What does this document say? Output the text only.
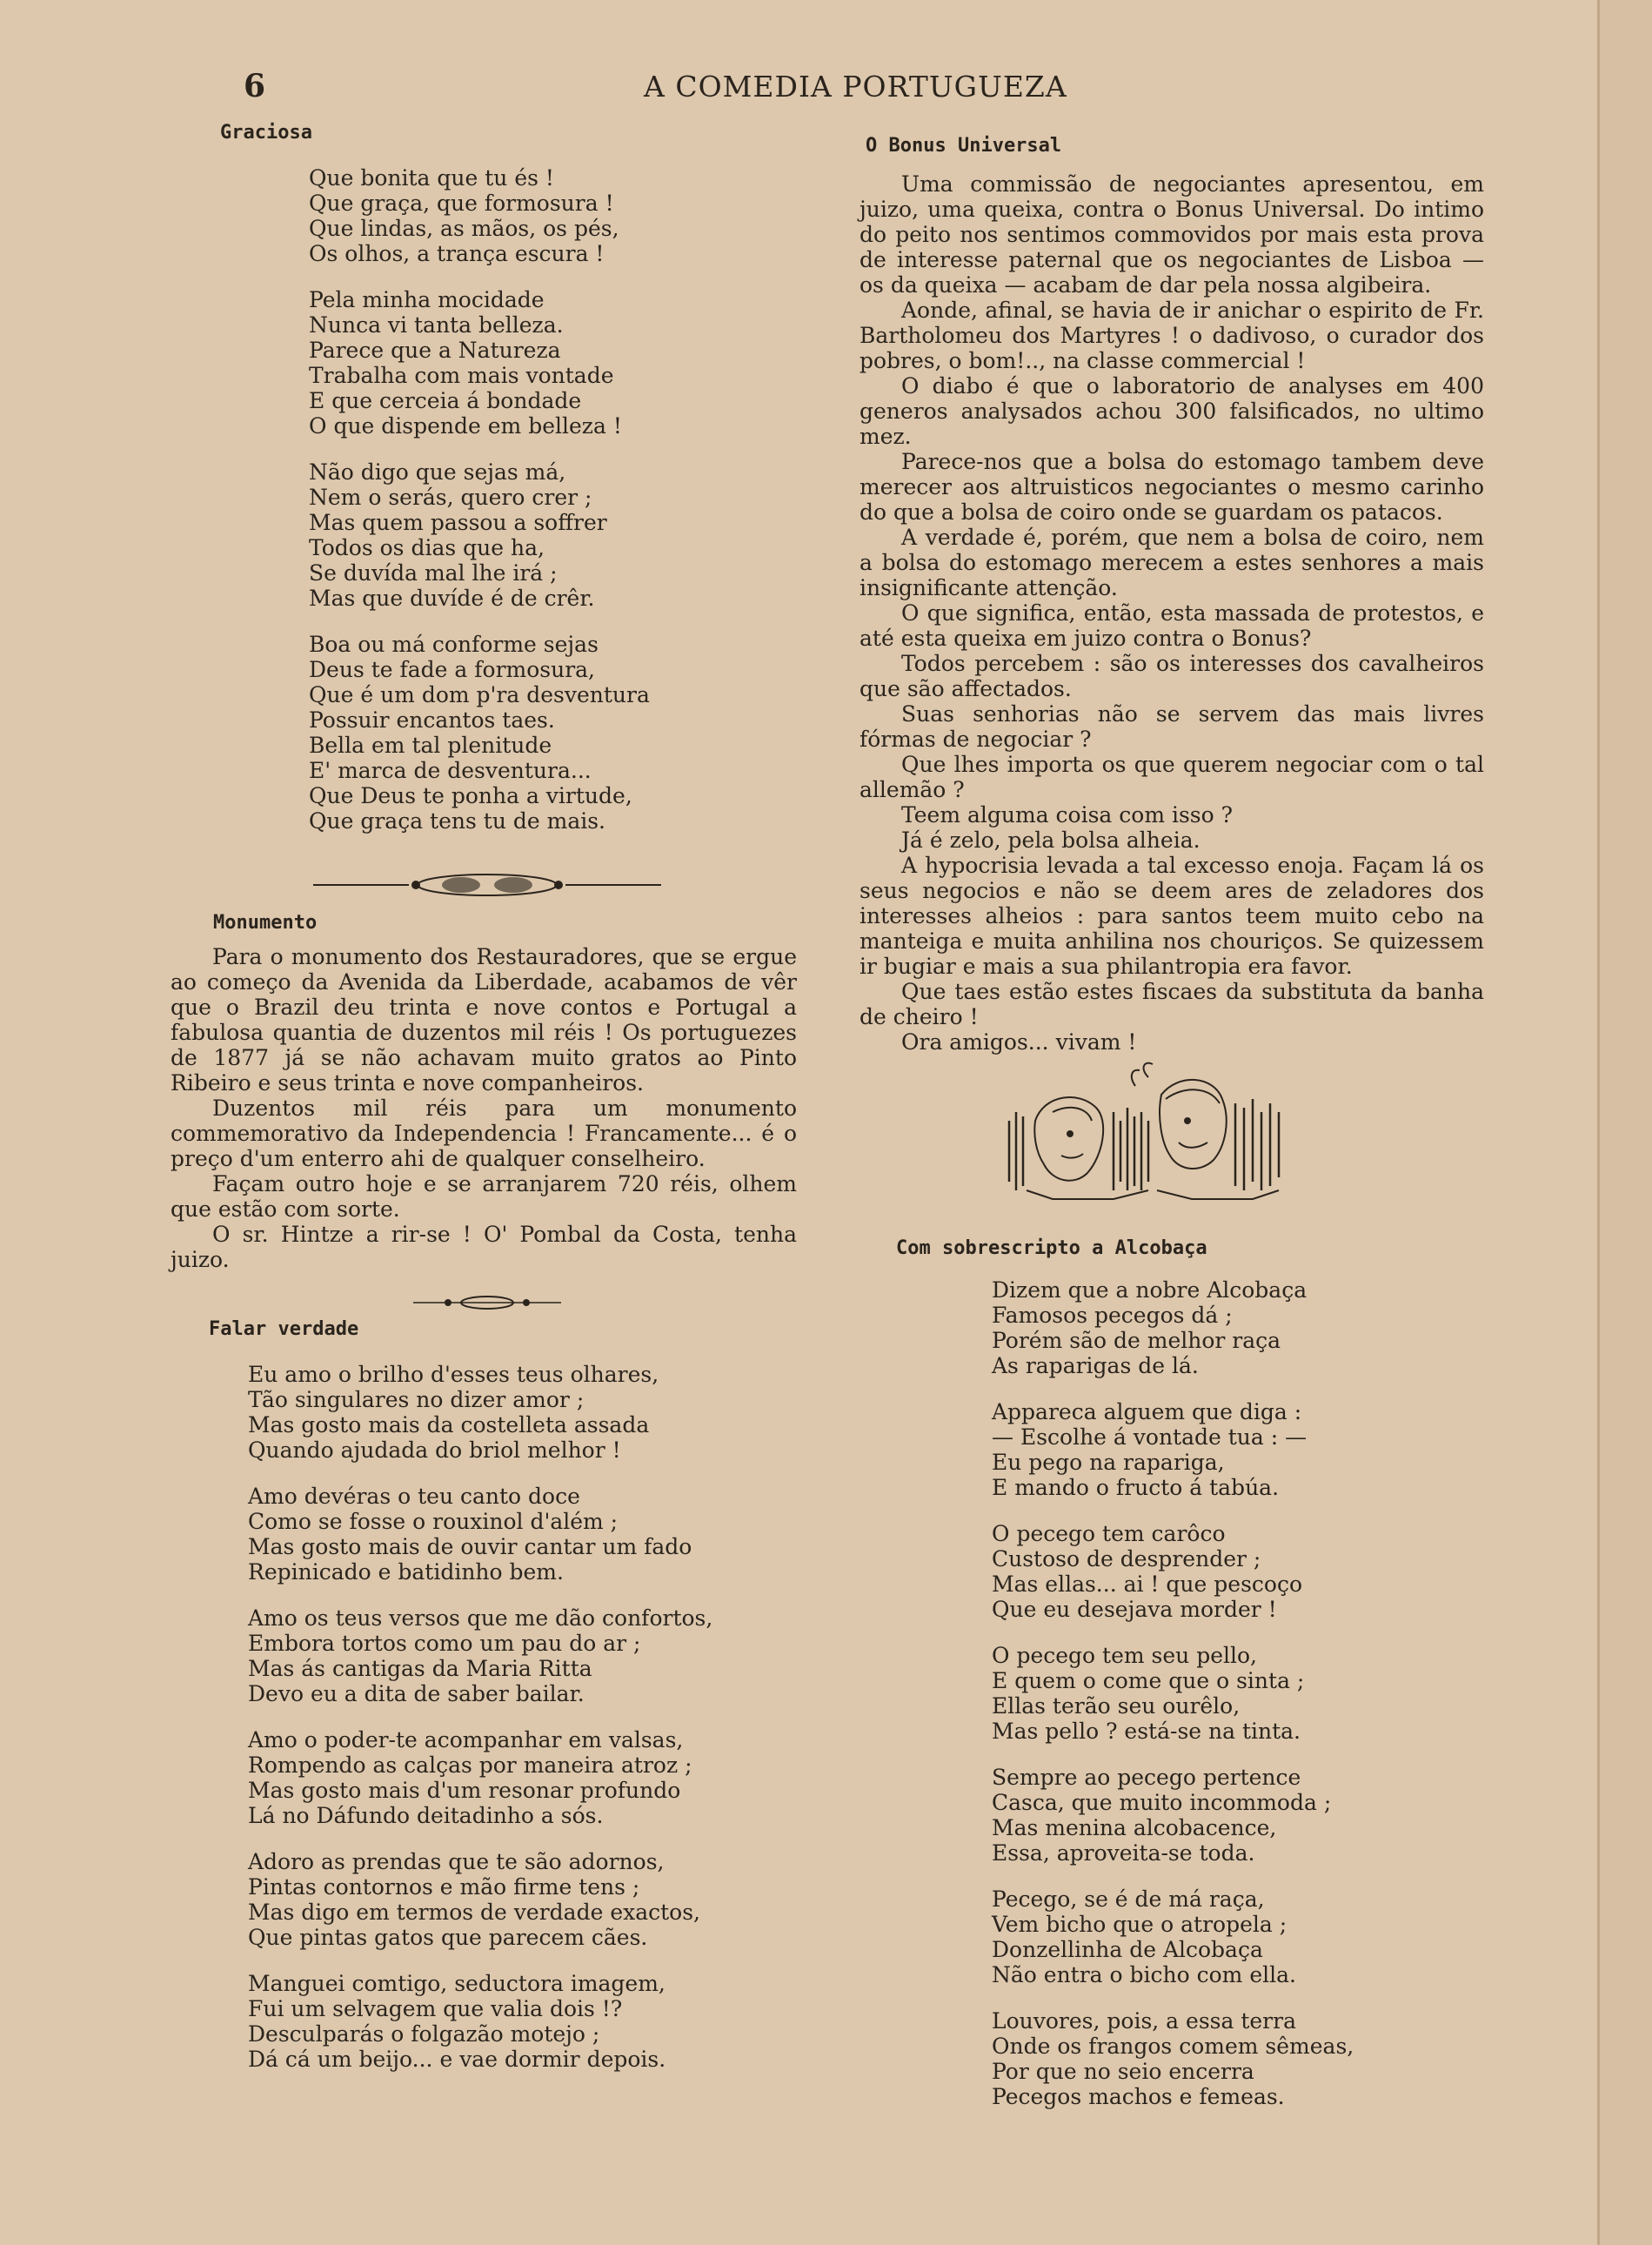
6	A COMEDIA PORTUGUEZA
Graciosa

Que bonita que tu és !

Que graça, que formosura !

Que lindas, as mãos, os pés,

Os olhos, a trança escura !

Pela minha mocidade

Nunca vi tanta belleza.

Parece que a Natureza

Trabalha com mais vontade

E que cerceia á bondade

O que dispende em belleza !

Não digo que sejas má,

Nem o serás, quero crer ;

Mas quem passou a soffrer

Todos os dias que ha,

Se duvída mal lhe irá ;

Mas que duvíde é de crêr.

Boa ou má conforme sejas

Deus te fade a formosura,

Que é um dom p'ra desventura

Possuir encantos taes.

Bella em tal plenitude

E' marca de desventura...

Que Deus te ponha a virtude,

Que graça tens tu de mais.

Monumento

Para o monumento dos Restauradores, que se ergue ao começo da Avenida da Liberdade, acabamos de vêr que o Brazil deu trinta e nove contos e Portugal a fabulosa quantia de duzentos mil réis ! Os portuguezes de 1877 já se não achavam muito gratos ao Pinto Ribeiro e seus trinta e nove companheiros.

Duzentos mil réis para um monumento commemorativo da Independencia ! Francamente... é o preço d'um enterro ahi de qualquer conselheiro.

Façam outro hoje e se arranjarem 720 réis, olhem que estão com sorte.

O sr. Hintze a rir-se ! O' Pombal da Costa, tenha juizo.

Falar verdade

Eu amo o brilho d'esses teus olhares,

Tão singulares no dizer amor ;

Mas gosto mais da costelleta assada

Quando ajudada do briol melhor !

Amo devéras o teu canto doce

Como se fosse o rouxinol d'além ;

Mas gosto mais de ouvir cantar um fado

Repinicado e batidinho bem.

Amo os teus versos que me dão confortos,

Embora tortos como um pau do ar ;

Mas ás cantigas da Maria Ritta

Devo eu a dita de saber bailar.

Amo o poder-te acompanhar em valsas,

Rompendo as calças por maneira atroz ;

Mas gosto mais d'um resonar profundo

Lá no Dáfundo deitadinho a sós.

Adoro as prendas que te são adornos,

Pintas contornos e mão firme tens ;

Mas digo em termos de verdade exactos,

Que pintas gatos que parecem cães.

Manguei comtigo, seductora imagem,

Fui um selvagem que valia dois !?

Desculparás o folgazão motejo ;

Dá cá um beijo... e vae dormir depois.

O Bonus Universal

Uma commissão de negociantes apresentou, em juizo, uma queixa, contra o Bonus Universal. Do intimo do peito nos sentimos commovidos por mais esta prova de interesse paternal que os negociantes de Lisboa — os da queixa — acabam de dar pela nossa algibeira.

Aonde, afinal, se havia de ir anichar o espirito de Fr. Bartholomeu dos Martyres ! o dadivoso, o curador dos pobres, o bom!.., na classe commercial !

O diabo é que o laboratorio de analyses em 400 generos analysados achou 300 falsificados, no ultimo mez.

Parece-nos que a bolsa do estomago tambem deve merecer aos altruisticos negociantes o mesmo carinho do que a bolsa de coiro onde se guardam os patacos.

A verdade é, porém, que nem a bolsa de coiro, nem a bolsa do estomago merecem a estes senhores a mais insignificante attenção.

O que significa, então, esta massada de protestos, e até esta queixa em juizo contra o Bonus?

Todos percebem : são os interesses dos cavalheiros que são affectados.

Suas senhorias não se servem das mais livres fórmas de negociar ?

Que lhes importa os que querem negociar com o tal allemão ?

Teem alguma coisa com isso ?

Já é zelo, pela bolsa alheia.

A hypocrisia levada a tal excesso enoja. Façam lá os seus negocios e não se deem ares de zeladores dos interesses alheios : para santos teem muito cebo na manteiga e muita anhilina nos chouriços. Se quizessem ir bugiar e mais a sua philantropia era favor.

Que taes estão estes fiscaes da substituta da banha de cheiro !

Ora amigos... vivam !

Com sobrescripto a Alcobaça

Dizem que a nobre Alcobaça

Famosos pecegos dá ;

Porém são de melhor raça

As raparigas de lá.

Appareca alguem que diga :

— Escolhe á vontade tua : —

Eu pego na rapariga,

E mando o fructo á tabúa.

O pecego tem carôco

Custoso de desprender ;

Mas ellas... ai ! que pescoço

Que eu desejava morder !

O pecego tem seu pello,

E quem o come que o sinta ;

Ellas terão seu ourêlo,

Mas pello ? está-se na tinta.

Sempre ao pecego pertence

Casca, que muito incommoda ;

Mas menina alcobacence,

Essa, aproveita-se toda.

Pecego, se é de má raça,

Vem bicho que o atropela ;

Donzellinha de Alcobaça

Não entra o bicho com ella.

Louvores, pois, a essa terra

Onde os frangos comem sêmeas,

Por que no seio encerra

Pecegos machos e femeas.
